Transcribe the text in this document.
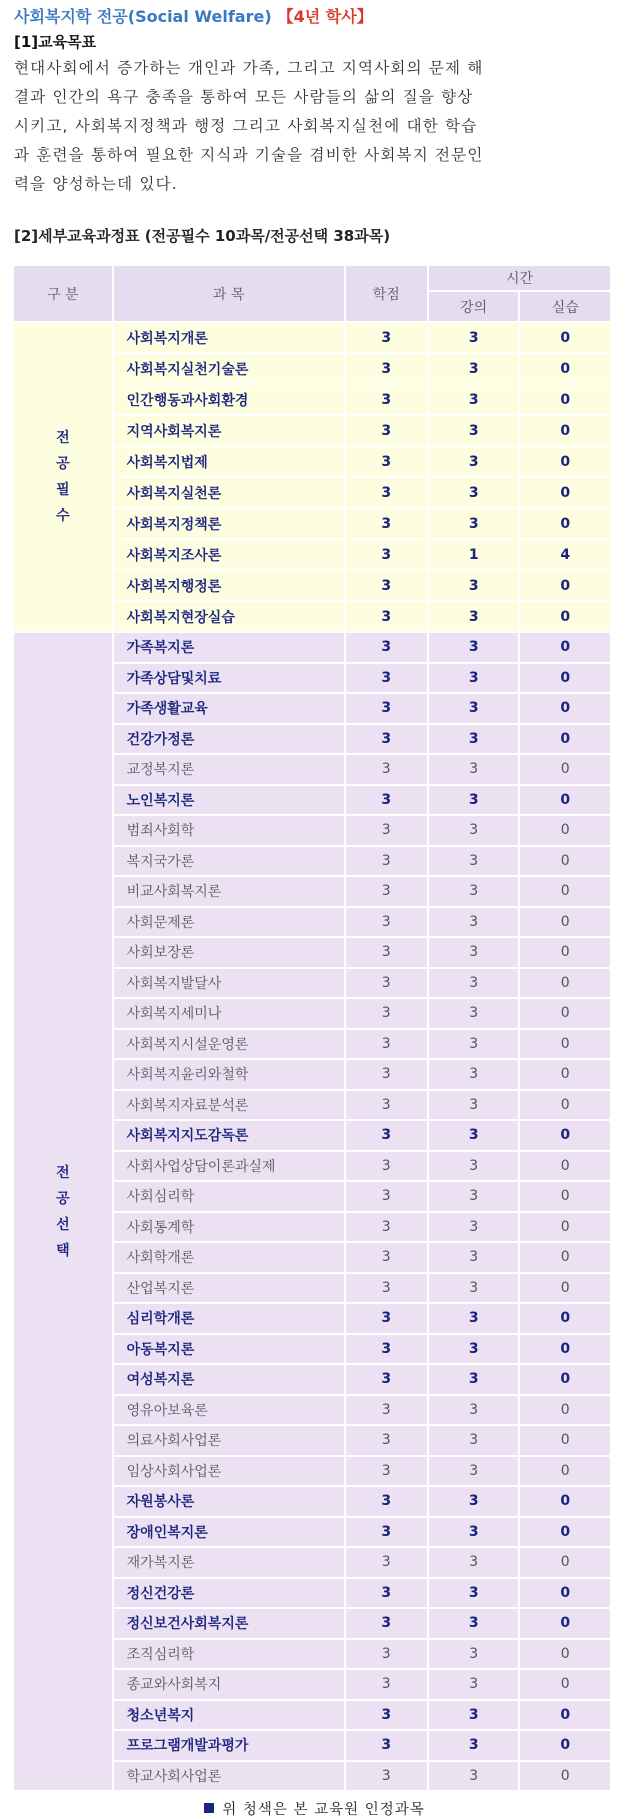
사회복지학 전공(Social Welfare) 【4년 학사】
[1]교육목표
현대사회에서 증가하는 개인과 가족, 그리고 지역사회의 문제 해
결과 인간의 욕구 충족을 통하여 모든 사람들의 삶의 질을 향상
시키고, 사회복지정책과 행정 그리고 사회복지실천에 대한 학습
과 훈련을 통하여 필요한 지식과 기술을 겸비한 사회복지 전문인
력을 양성하는데 있다.
[2]세부교육과정표 (전공필수 10과목/전공선택 38과목)
구 분	과 목	학점	시간	
			강의	실습

전
공
필
수	사회복지개론	3	3	0
	사회복지실천기술론	3	3	0
	인간행동과사회환경	3	3	0
	지역사회복지론	3	3	0
	사회복지법제	3	3	0
	사회복지실천론	3	3	0
	사회복지정책론	3	3	0
	사회복지조사론	3	1	4
	사회복지행정론	3	3	0
	사회복지현장실습	3	3	0

전
공
선
택	가족복지론	3	3	0
	가족상담및치료	3	3	0
	가족생활교육	3	3	0
	건강가정론	3	3	0
	교정복지론	3	3	0
	노인복지론	3	3	0
	범죄사회학	3	3	0
	복지국가론	3	3	0
	비교사회복지론	3	3	0
	사회문제론	3	3	0
	사회보장론	3	3	0
	사회복지발달사	3	3	0
	사회복지세미나	3	3	0
	사회복지시설운영론	3	3	0
	사회복지윤리와철학	3	3	0
	사회복지자료분석론	3	3	0
	사회복지지도감독론	3	3	0
	사회사업상담이론과실제	3	3	0
	사회심리학	3	3	0
	사회통계학	3	3	0
	사회학개론	3	3	0
	산업복지론	3	3	0
	심리학개론	3	3	0
	아동복지론	3	3	0
	여성복지론	3	3	0
	영유아보육론	3	3	0
	의료사회사업론	3	3	0
	임상사회사업론	3	3	0
	자원봉사론	3	3	0
	장애인복지론	3	3	0
	재가복지론	3	3	0
	정신건강론	3	3	0
	정신보건사회복지론	3	3	0
	조직심리학	3	3	0
	종교와사회복지	3	3	0
	청소년복지	3	3	0
	프로그램개발과평가	3	3	0
	학교사회사업론	3	3	0
위 청색은 본 교육원 인정과목
